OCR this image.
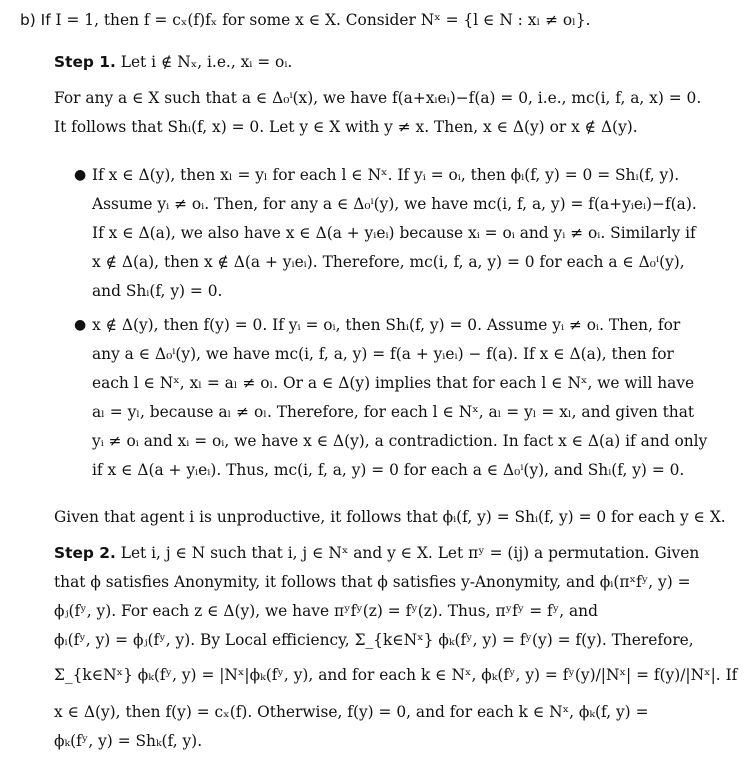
b) If I = 1, then f = cₓ(f)fₓ for some x ∈ X. Consider Nˣ = {l ∈ N : xₗ ≠ oₗ}.
Step 1. Let i ∉ Nₓ, i.e., xᵢ = oᵢ.
For any a ∈ X such that a ∈ Δ₀ⁱ(x), we have f(a+xᵢeᵢ)−f(a) = 0, i.e., mc(i, f, a, x) = 0.
It follows that Shᵢ(f, x) = 0. Let y ∈ X with y ≠ x. Then, x ∈ Δ(y) or x ∉ Δ(y).
● If x ∈ Δ(y), then xₗ = yₗ for each l ∈ Nˣ. If yᵢ = oᵢ, then ϕᵢ(f, y) = 0 = Shᵢ(f, y).
Assume yᵢ ≠ oᵢ. Then, for any a ∈ Δ₀ⁱ(y), we have mc(i, f, a, y) = f(a+yᵢeᵢ)−f(a).
If x ∈ Δ(a), we also have x ∈ Δ(a + yᵢeᵢ) because xᵢ = oᵢ and yᵢ ≠ oᵢ. Similarly if
x ∉ Δ(a), then x ∉ Δ(a + yᵢeᵢ). Therefore, mc(i, f, a, y) = 0 for each a ∈ Δ₀ⁱ(y),
and Shᵢ(f, y) = 0.
● x ∉ Δ(y), then f(y) = 0. If yᵢ = oᵢ, then Shᵢ(f, y) = 0. Assume yᵢ ≠ oᵢ. Then, for
any a ∈ Δ₀ⁱ(y), we have mc(i, f, a, y) = f(a + yᵢeᵢ) − f(a). If x ∈ Δ(a), then for
each l ∈ Nˣ, xₗ = aₗ ≠ oₗ. Or a ∈ Δ(y) implies that for each l ∈ Nˣ, we will have
aₗ = yₗ, because aₗ ≠ oₗ. Therefore, for each l ∈ Nˣ, aₗ = yₗ = xₗ, and given that
yᵢ ≠ oᵢ and xᵢ = oᵢ, we have x ∈ Δ(y), a contradiction. In fact x ∈ Δ(a) if and only
if x ∈ Δ(a + yᵢeᵢ). Thus, mc(i, f, a, y) = 0 for each a ∈ Δ₀ⁱ(y), and Shᵢ(f, y) = 0.
Given that agent i is unproductive, it follows that ϕᵢ(f, y) = Shᵢ(f, y) = 0 for each y ∈ X.
Step 2. Let i, j ∈ N such that i, j ∈ Nˣ and y ∈ X. Let πʸ = (ij) a permutation. Given
that ϕ satisfies Anonymity, it follows that ϕ satisfies y-Anonymity, and ϕᵢ(πˣfʸ, y) =
ϕⱼ(fʸ, y). For each z ∈ Δ(y), we have πʸfʸ(z) = fʸ(z). Thus, πʸfʸ = fʸ, and
ϕᵢ(fʸ, y) = ϕⱼ(fʸ, y). By Local efficiency, Σ_{k∈Nˣ} ϕₖ(fʸ, y) = fʸ(y) = f(y). Therefore,
Σ_{k∈Nˣ} ϕₖ(fʸ, y) = |Nˣ|ϕₖ(fʸ, y), and for each k ∈ Nˣ, ϕₖ(fʸ, y) = fʸ(y)/|Nˣ| = f(y)/|Nˣ|. If
x ∈ Δ(y), then f(y) = cₓ(f). Otherwise, f(y) = 0, and for each k ∈ Nˣ, ϕₖ(f, y) =
ϕₖ(fʸ, y) = Shₖ(f, y).
